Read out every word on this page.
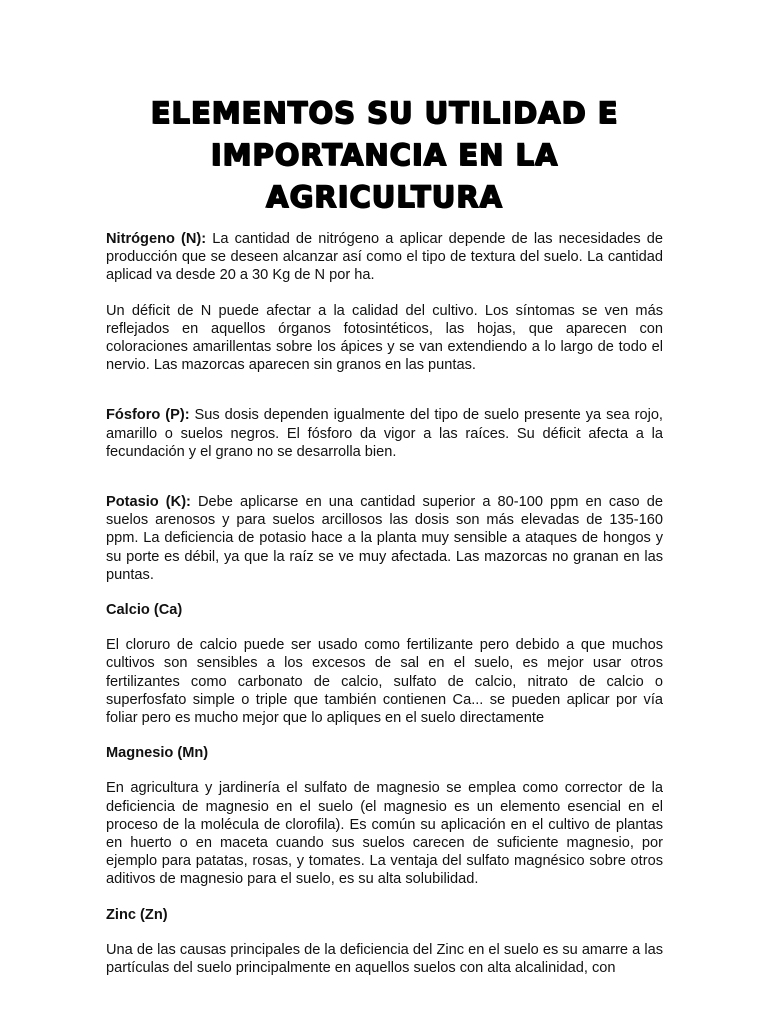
ELEMENTOS SU UTILIDAD E
IMPORTANCIA EN LA
AGRICULTURA

Nitrógeno (N): La cantidad de nitrógeno a aplicar depende de las necesidades de producción que se deseen alcanzar así como el tipo de textura del suelo. La cantidad aplicad va desde 20 a 30 Kg de N por ha.

Un déficit de N puede afectar a la calidad del cultivo. Los síntomas se ven más reflejados en aquellos órganos fotosintéticos, las hojas, que aparecen con coloraciones amarillentas sobre los ápices y se van extendiendo a lo largo de todo el nervio. Las mazorcas aparecen sin granos en las puntas.

Fósforo (P): Sus dosis dependen igualmente del tipo de suelo presente ya sea rojo, amarillo o suelos negros. El fósforo da vigor a las raíces. Su déficit afecta a la fecundación y el grano no se desarrolla bien.

Potasio (K): Debe aplicarse en una cantidad superior a 80-100 ppm en caso de suelos arenosos y para suelos arcillosos las dosis son más elevadas de 135-160 ppm. La deficiencia de potasio hace a la planta muy sensible a ataques de hongos y su porte es débil, ya que la raíz se ve muy afectada. Las mazorcas no granan en las puntas.

Calcio (Ca)

El cloruro de calcio puede ser usado como fertilizante pero debido a que muchos cultivos son sensibles a los excesos de sal en el suelo, es mejor usar otros fertilizantes como carbonato de calcio, sulfato de calcio, nitrato de calcio o superfosfato simple o triple que también contienen Ca... se pueden aplicar por vía foliar pero es mucho mejor que lo apliques en el suelo directamente

Magnesio (Mn)

En agricultura y jardinería el sulfato de magnesio se emplea como corrector de la deficiencia de magnesio en el suelo (el magnesio es un elemento esencial en el proceso de la molécula de clorofila). Es común su aplicación en el cultivo de plantas en huerto o en maceta cuando sus suelos carecen de suficiente magnesio, por ejemplo para patatas, rosas, y tomates. La ventaja del sulfato magnésico sobre otros aditivos de magnesio para el suelo, es su alta solubilidad.

Zinc (Zn)

Una de las causas principales de la deficiencia del Zinc en el suelo es su amarre a las partículas del suelo principalmente en aquellos suelos con alta alcalinidad, con
